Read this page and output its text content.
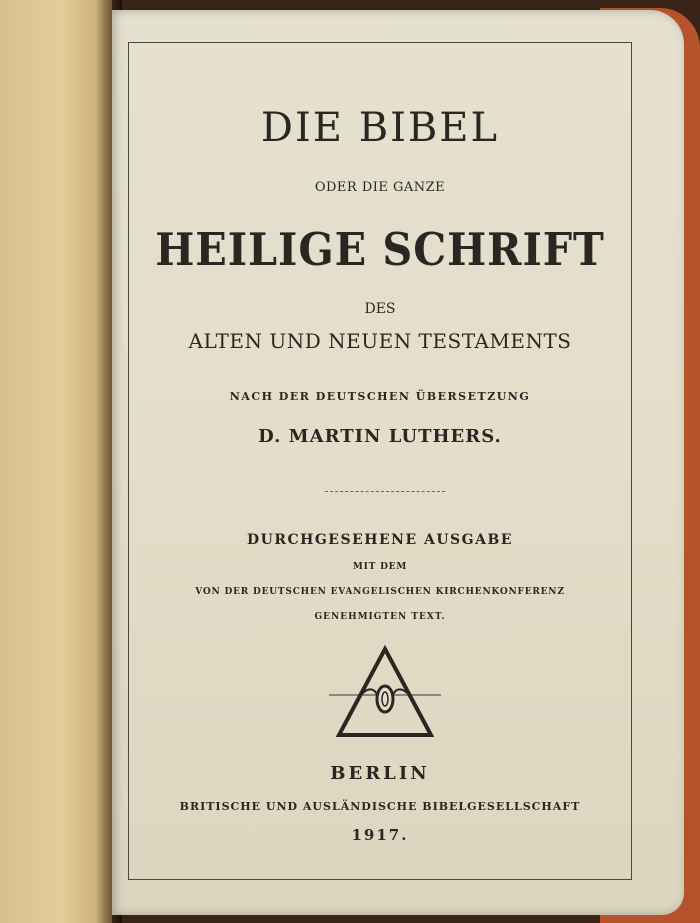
DIE BIBEL
ODER DIE GANZE
HEILIGE SCHRIFT
DES
ALTEN UND NEUEN TESTAMENTS
NACH DER DEUTSCHEN ÜBERSETZUNG
D. MARTIN LUTHERS.
DURCHGESEHENE AUSGABE
MIT DEM
VON DER DEUTSCHEN EVANGELISCHEN KIRCHENKONFERENZ
GENEHMIGTEN TEXT.
BERLIN
BRITISCHE UND AUSLÄNDISCHE BIBELGESELLSCHAFT
1917.
